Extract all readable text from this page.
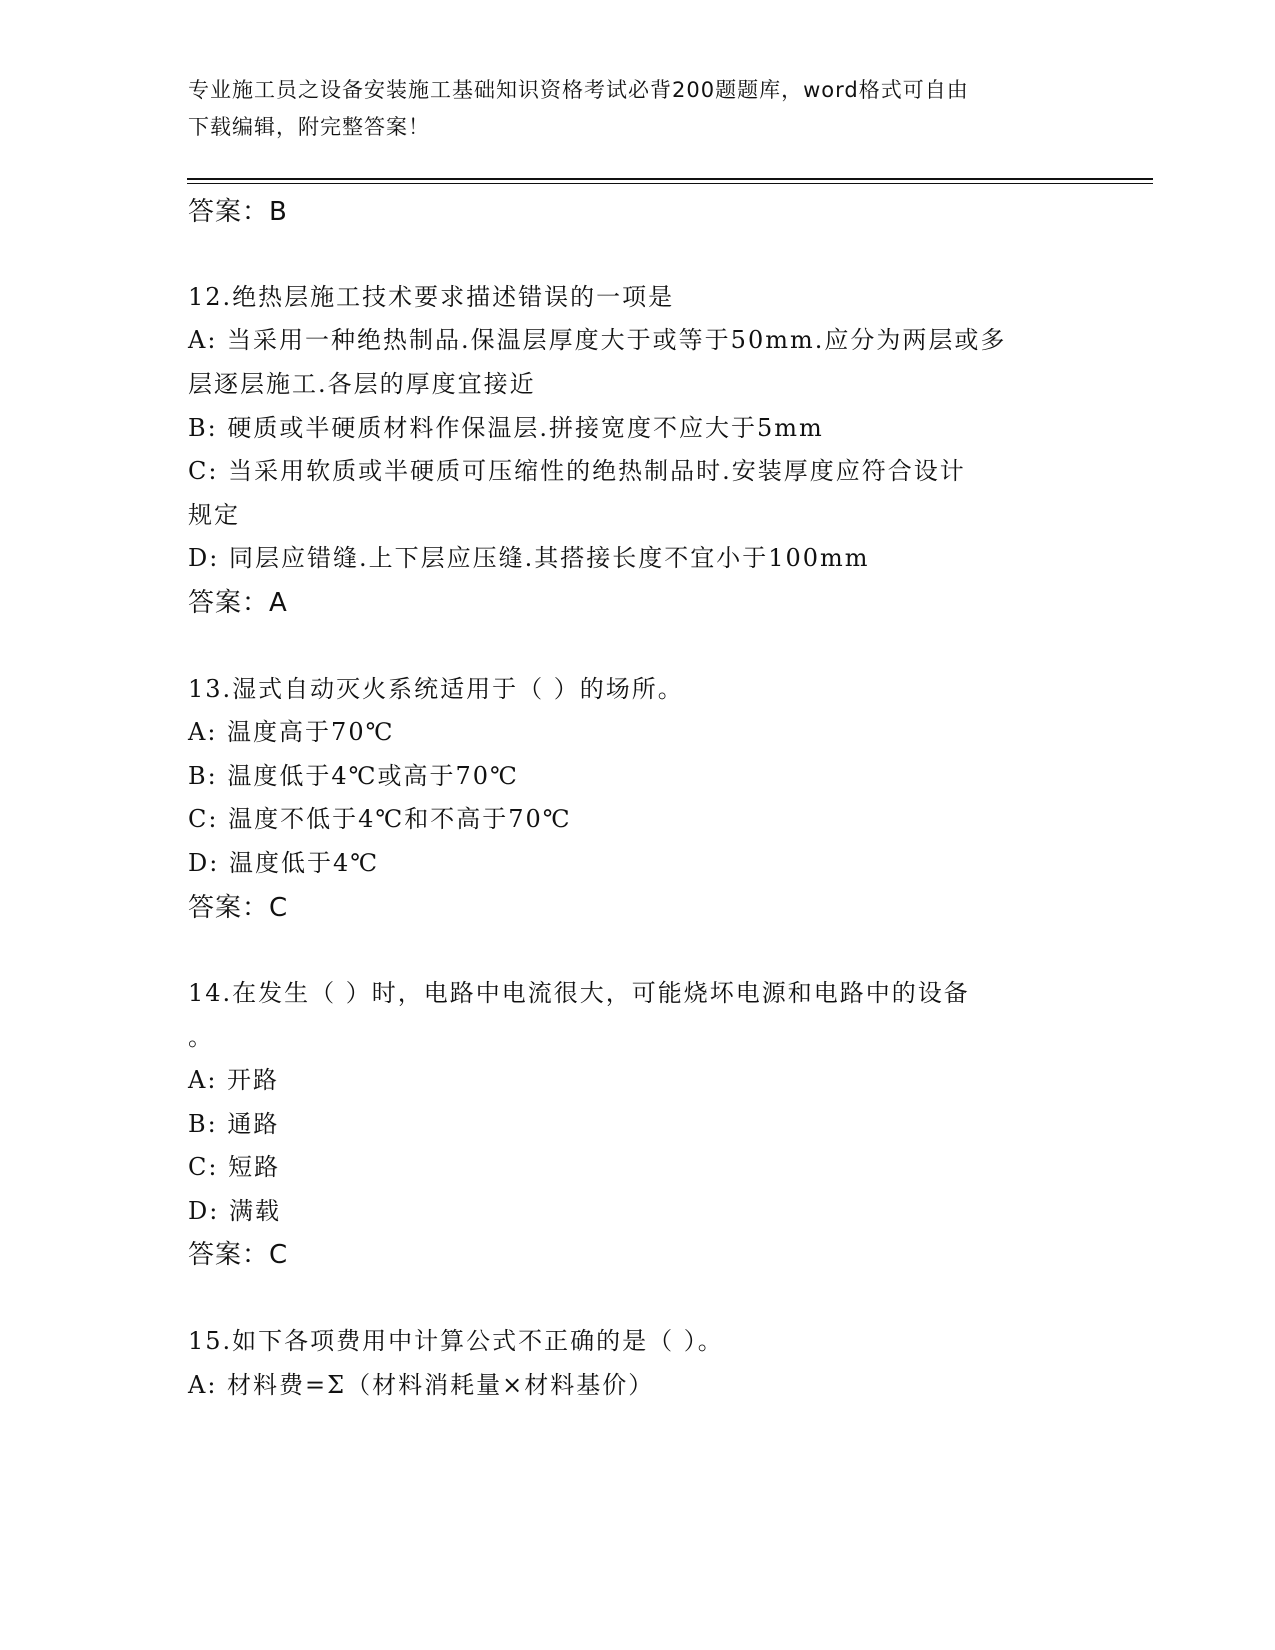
专业施工员之设备安装施工基础知识资格考试必背200题题库，word格式可自由
下载编辑，附完整答案！
答案：B
12.绝热层施工技术要求描述错误的一项是
A: 当采用一种绝热制品.保温层厚度大于或等于50mm.应分为两层或多
层逐层施工.各层的厚度宜接近
B: 硬质或半硬质材料作保温层.拼接宽度不应大于5mm
C: 当采用软质或半硬质可压缩性的绝热制品时.安装厚度应符合设计
规定
D: 同层应错缝.上下层应压缝.其搭接长度不宜小于100mm
答案：A
13.湿式自动灭火系统适用于（ ）的场所。
A: 温度高于70℃
B: 温度低于4℃或高于70℃
C: 温度不低于4℃和不高于70℃
D: 温度低于4℃
答案：C
14.在发生（ ）时，电路中电流很大，可能烧坏电源和电路中的设备
。
A: 开路
B: 通路
C: 短路
D: 满载
答案：C
15.如下各项费用中计算公式不正确的是（ ）。
A: 材料费=Σ（材料消耗量×材料基价）
